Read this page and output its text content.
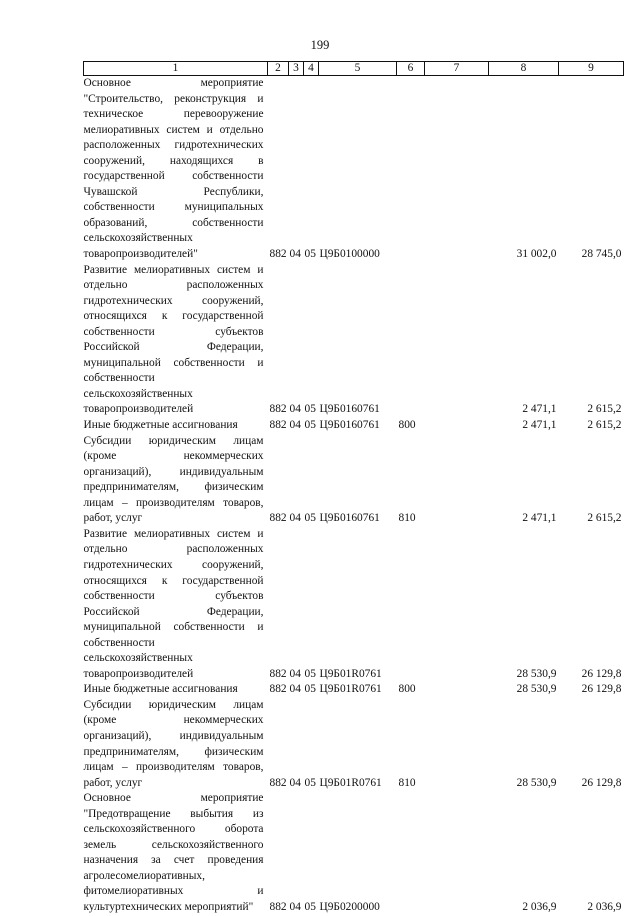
199
1	2	3	4	5	6	7	8	9
Основное мероприятие "Строительство, реконструкция и техническое перевооружение мелиоративных систем и отдельно расположенных гидротехнических сооружений, находящихся в государственной собственности Чувашской Республики, собственности муниципальных образований, собственности сельскохозяйственных товаропроизводителей"	882	04	05	Ц9Б0100000			31 002,0	28 745,0
Развитие мелиоративных систем и отдельно расположенных гидротехнических сооружений, относящихся к государственной собственности субъектов Российской Федерации, муниципальной собственности и собственности сельскохозяйственных товаропроизводителей	882	04	05	Ц9Б0160761			2 471,1	2 615,2
Иные бюджетные ассигнования	882	04	05	Ц9Б0160761	800		2 471,1	2 615,2
Субсидии юридическим лицам (кроме некоммерческих организаций), индивидуальным предпринимателям, физическим лицам – производителям товаров, работ, услуг	882	04	05	Ц9Б0160761	810		2 471,1	2 615,2
Развитие мелиоративных систем и отдельно расположенных гидротехнических сооружений, относящихся к государственной собственности субъектов Российской Федерации, муниципальной собственности и собственности сельскохозяйственных товаропроизводителей	882	04	05	Ц9Б01R0761			28 530,9	26 129,8
Иные бюджетные ассигнования	882	04	05	Ц9Б01R0761	800		28 530,9	26 129,8
Субсидии юридическим лицам (кроме некоммерческих организаций), индивидуальным предпринимателям, физическим лицам – производителям товаров, работ, услуг	882	04	05	Ц9Б01R0761	810		28 530,9	26 129,8
Основное мероприятие "Предотвращение выбытия из сельскохозяйственного оборота земель сельскохозяйственного назначения за счет проведения агролесомелиоративных, фитомелиоративных и культуртехнических мероприятий"	882	04	05	Ц9Б0200000			2 036,9	2 036,9
